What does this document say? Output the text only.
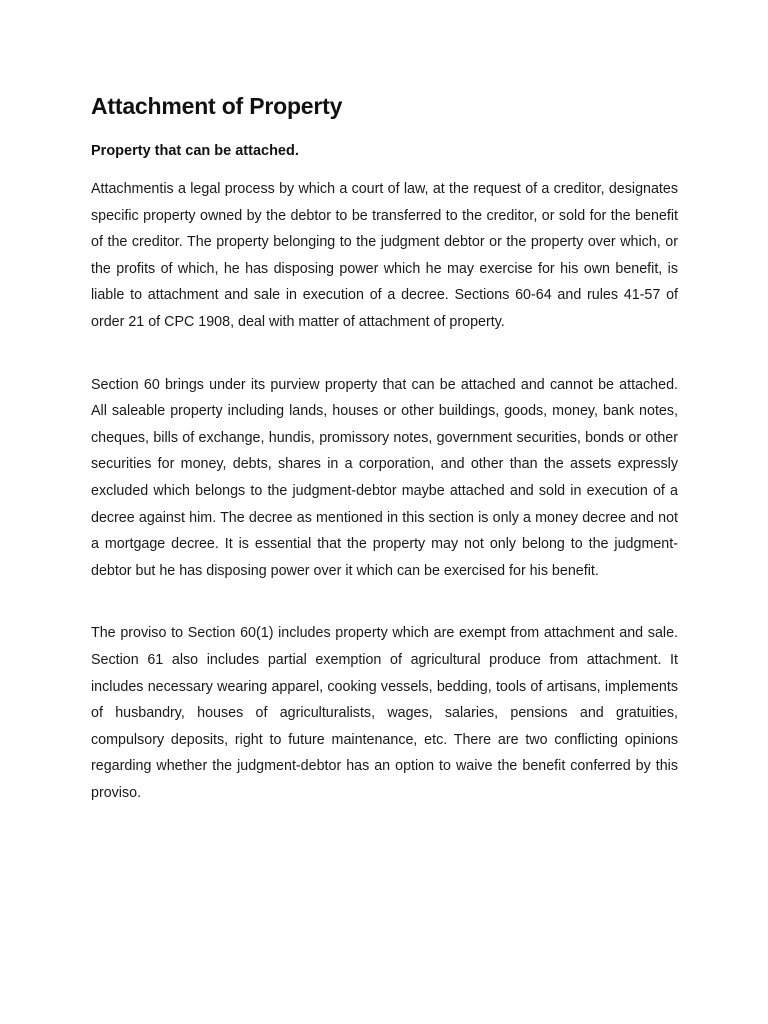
Attachment of Property
Property that can be attached.

Attachmentis a legal process by which a court of law, at the request of a creditor, designates specific property owned by the debtor to be transferred to the creditor, or sold for the benefit of the creditor. The property belonging to the judgment debtor or the property over which, or the profits of which, he has disposing power which he may exercise for his own benefit, is liable to attachment and sale in execution of a decree. Sections 60-64 and rules 41-57 of order 21 of CPC 1908, deal with matter of attachment of property.

Section 60 brings under its purview property that can be attached and cannot be attached. All saleable property including lands, houses or other buildings, goods, money, bank notes, cheques, bills of exchange, hundis, promissory notes, government securities, bonds or other securities for money, debts, shares in a corporation, and other than the assets expressly excluded which belongs to the judgment-debtor maybe attached and sold in execution of a decree against him. The decree as mentioned in this section is only a money decree and not a mortgage decree. It is essential that the property may not only belong to the judgment-debtor but he has disposing power over it which can be exercised for his benefit.

The proviso to Section 60(1) includes property which are exempt from attachment and sale. Section 61 also includes partial exemption of agricultural produce from attachment. It includes necessary wearing apparel, cooking vessels, bedding, tools of artisans, implements of husbandry, houses of agriculturalists, wages, salaries, pensions and gratuities, compulsory deposits, right to future maintenance, etc. There are two conflicting opinions regarding whether the judgment-debtor has an option to waive the benefit conferred by this proviso.
